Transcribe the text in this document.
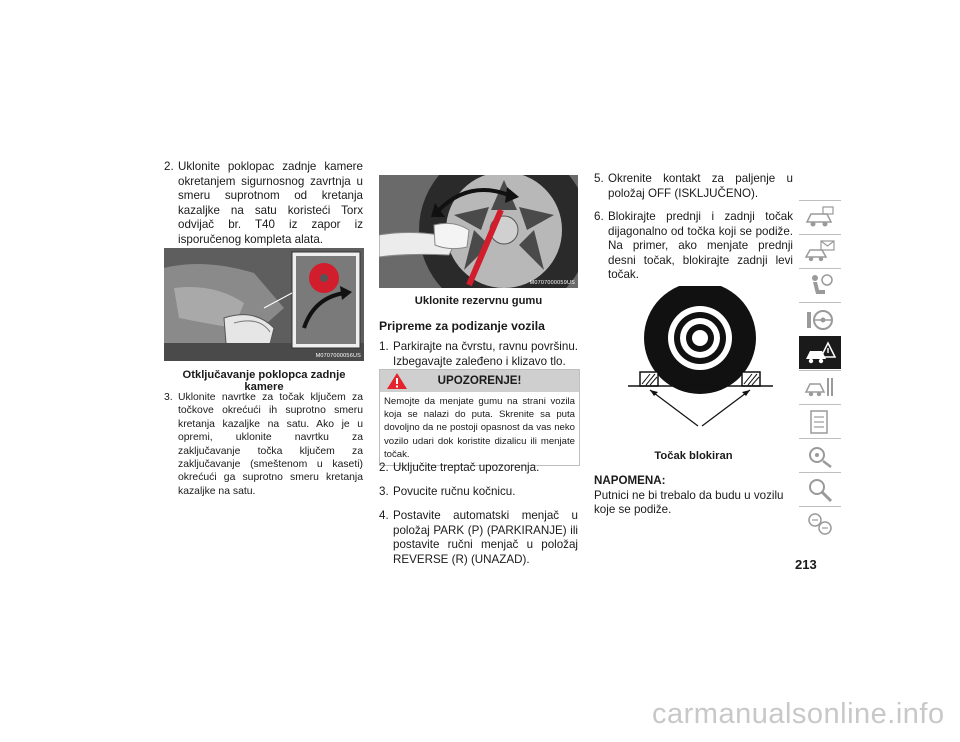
2. Uklonite poklopac zadnje kamere okretanjem sigurnosnog zavrtnja u smeru suprotnom od kretanja kazaljke na satu koristeći Torx odvijač br. T40 iz zapor iz isporučenog kompleta alata.
M0707000056US
Otključavanje poklopca zadnje kamere
3. Uklonite navrtke za točak ključem za točkove okrećući ih suprotno smeru kretanja kazaljke na satu. Ako je u opremi, uklonite navrtku za zaključavanje točka ključem za zaključavanje (smeštenom u kaseti) okrećući ga suprotno smeru kretanja kazaljke na satu.
M0707000059US
Uklonite rezervnu gumu
Pripreme za podizanje vozila
1. Parkirajte na čvrstu, ravnu površinu. Izbegavajte zaleđeno i klizavo tlo.
UPOZORENJE!
Nemojte da menjate gumu na strani vozila koja se nalazi do puta. Skrenite sa puta dovoljno da ne postoji opasnost da vas neko vozilo udari dok koristite dizalicu ili menjate točak.
2. Uključite treptač upozorenja.
3. Povucite ručnu kočnicu.
4. Postavite automatski menjač u položaj PARK (P) (PARKIRANJE) ili postavite ručni menjač u položaj REVERSE (R) (UNAZAD).
5. Okrenite kontakt za paljenje u položaj OFF (ISKLJUČENO).
6. Blokirajte prednji i zadnji točak dijagonalno od točka koji se podiže. Na primer, ako menjate prednji desni točak, blokirajte zadnji levi točak.
Točak blokiran
NAPOMENA:
Putnici ne bi trebalo da budu u vozilu koje se podiže.
213
carmanualsonline.info
